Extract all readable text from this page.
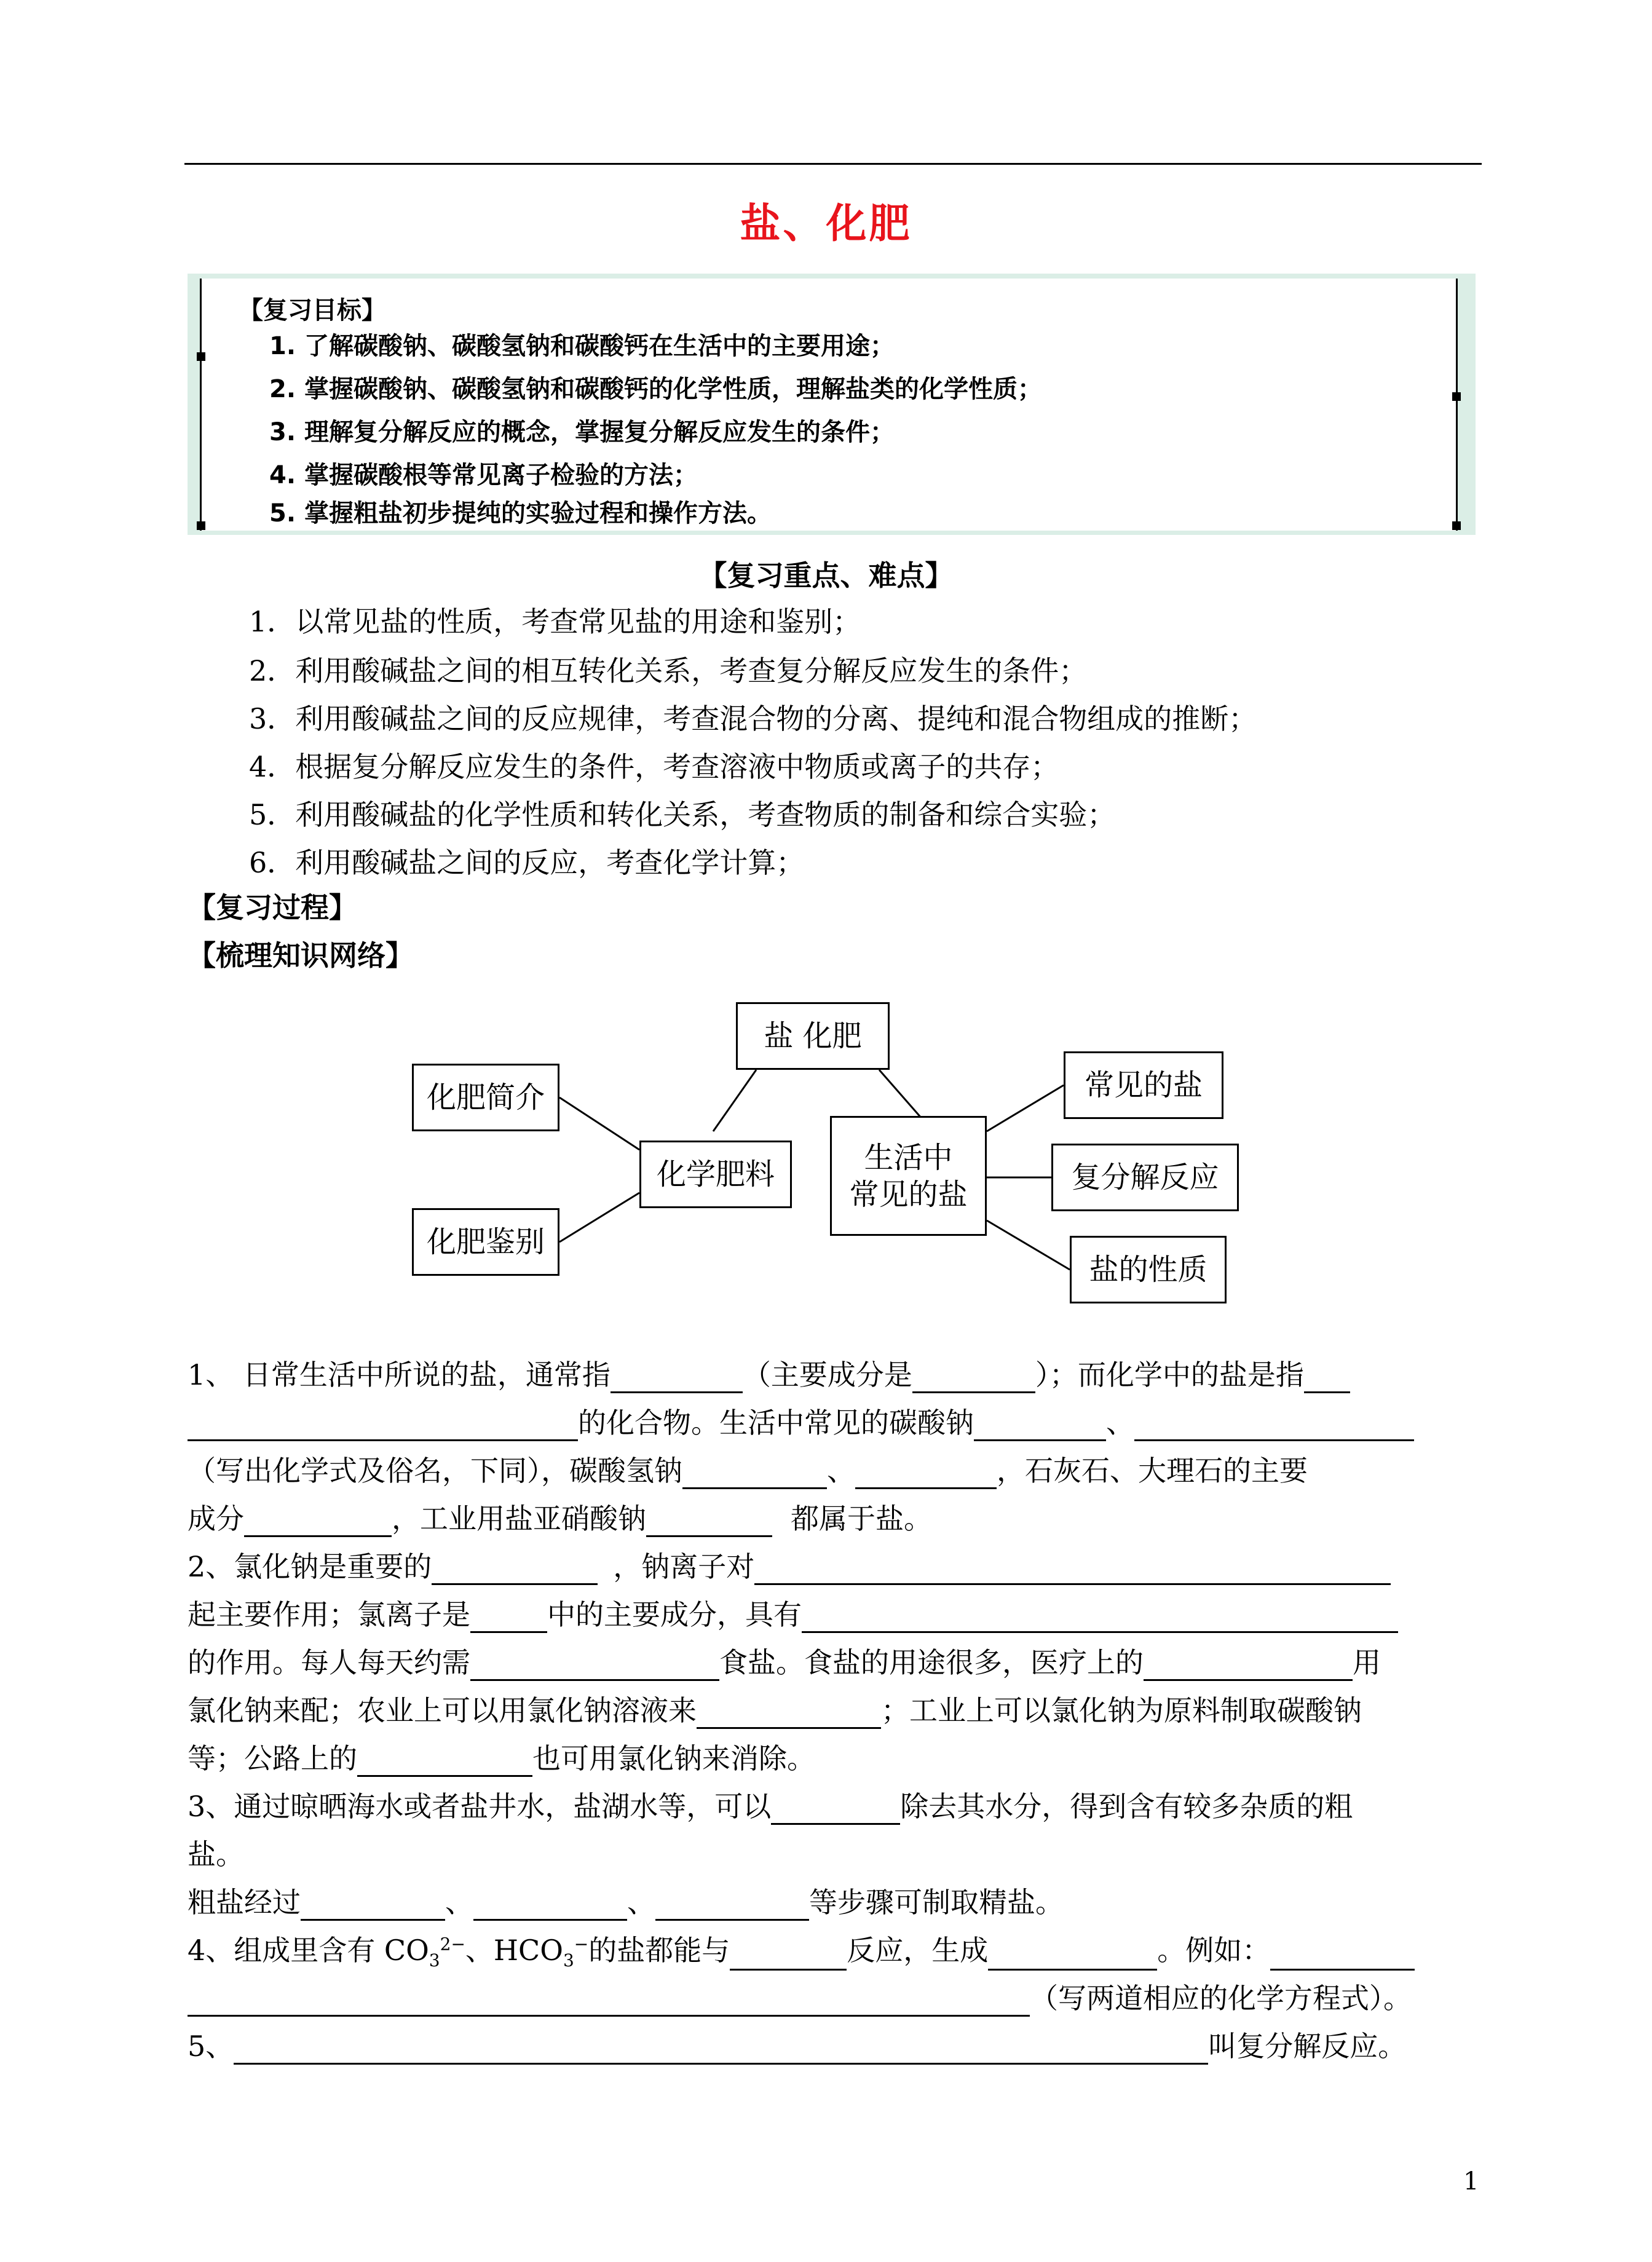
盐、化肥
【复习目标】
1. 了解碳酸钠、碳酸氢钠和碳酸钙在生活中的主要用途；
2. 掌握碳酸钠、碳酸氢钠和碳酸钙的化学性质，理解盐类的化学性质；
3. 理解复分解反应的概念，掌握复分解反应发生的条件；
4. 掌握碳酸根等常见离子检验的方法；
5. 掌握粗盐初步提纯的实验过程和操作方法。
【复习重点、难点】
1．以常见盐的性质，考查常见盐的用途和鉴别；
2．利用酸碱盐之间的相互转化关系，考查复分解反应发生的条件；
3．利用酸碱盐之间的反应规律，考查混合物的分离、提纯和混合物组成的推断；
4．根据复分解反应发生的条件，考查溶液中物质或离子的共存；
5．利用酸碱盐的化学性质和转化关系，考查物质的制备和综合实验；
6．利用酸碱盐之间的反应，考查化学计算；
【复习过程】
【梳理知识网络】
盐 化肥
化肥简介
化学肥料
化肥鉴别
生活中
常见的盐
常见的盐
复分解反应
盐的性质
1、 日常生活中所说的盐，通常指	（主要成分是	）；而化学中的盐是指
的化合物。生活中常见的碳酸钠	、
（写出化学式及俗名，下同），碳酸氢钠	、	，石灰石、大理石的主要
成分	，工业用盐亚硝酸钠	都属于盐。
2、氯化钠是重要的	，钠离子对
起主要作用；氯离子是	中的主要成分，具有
的作用。每人每天约需	食盐。食盐的用途很多，医疗上的	用
氯化钠来配；农业上可以用氯化钠溶液来	；工业上可以氯化钠为原料制取碳酸钠
等；公路上的	也可用氯化钠来消除。
3、通过晾晒海水或者盐井水，盐湖水等，可以	除去其水分，得到含有较多杂质的粗
盐。
粗盐经过	、	、	等步骤可制取精盐。
4、组成里含有 $CO_3^{2-}$、$HCO_3^-$的盐都能与	反应，生成	。例如：
（写两道相应的化学方程式）。
5、	叫复分解反应。
1
